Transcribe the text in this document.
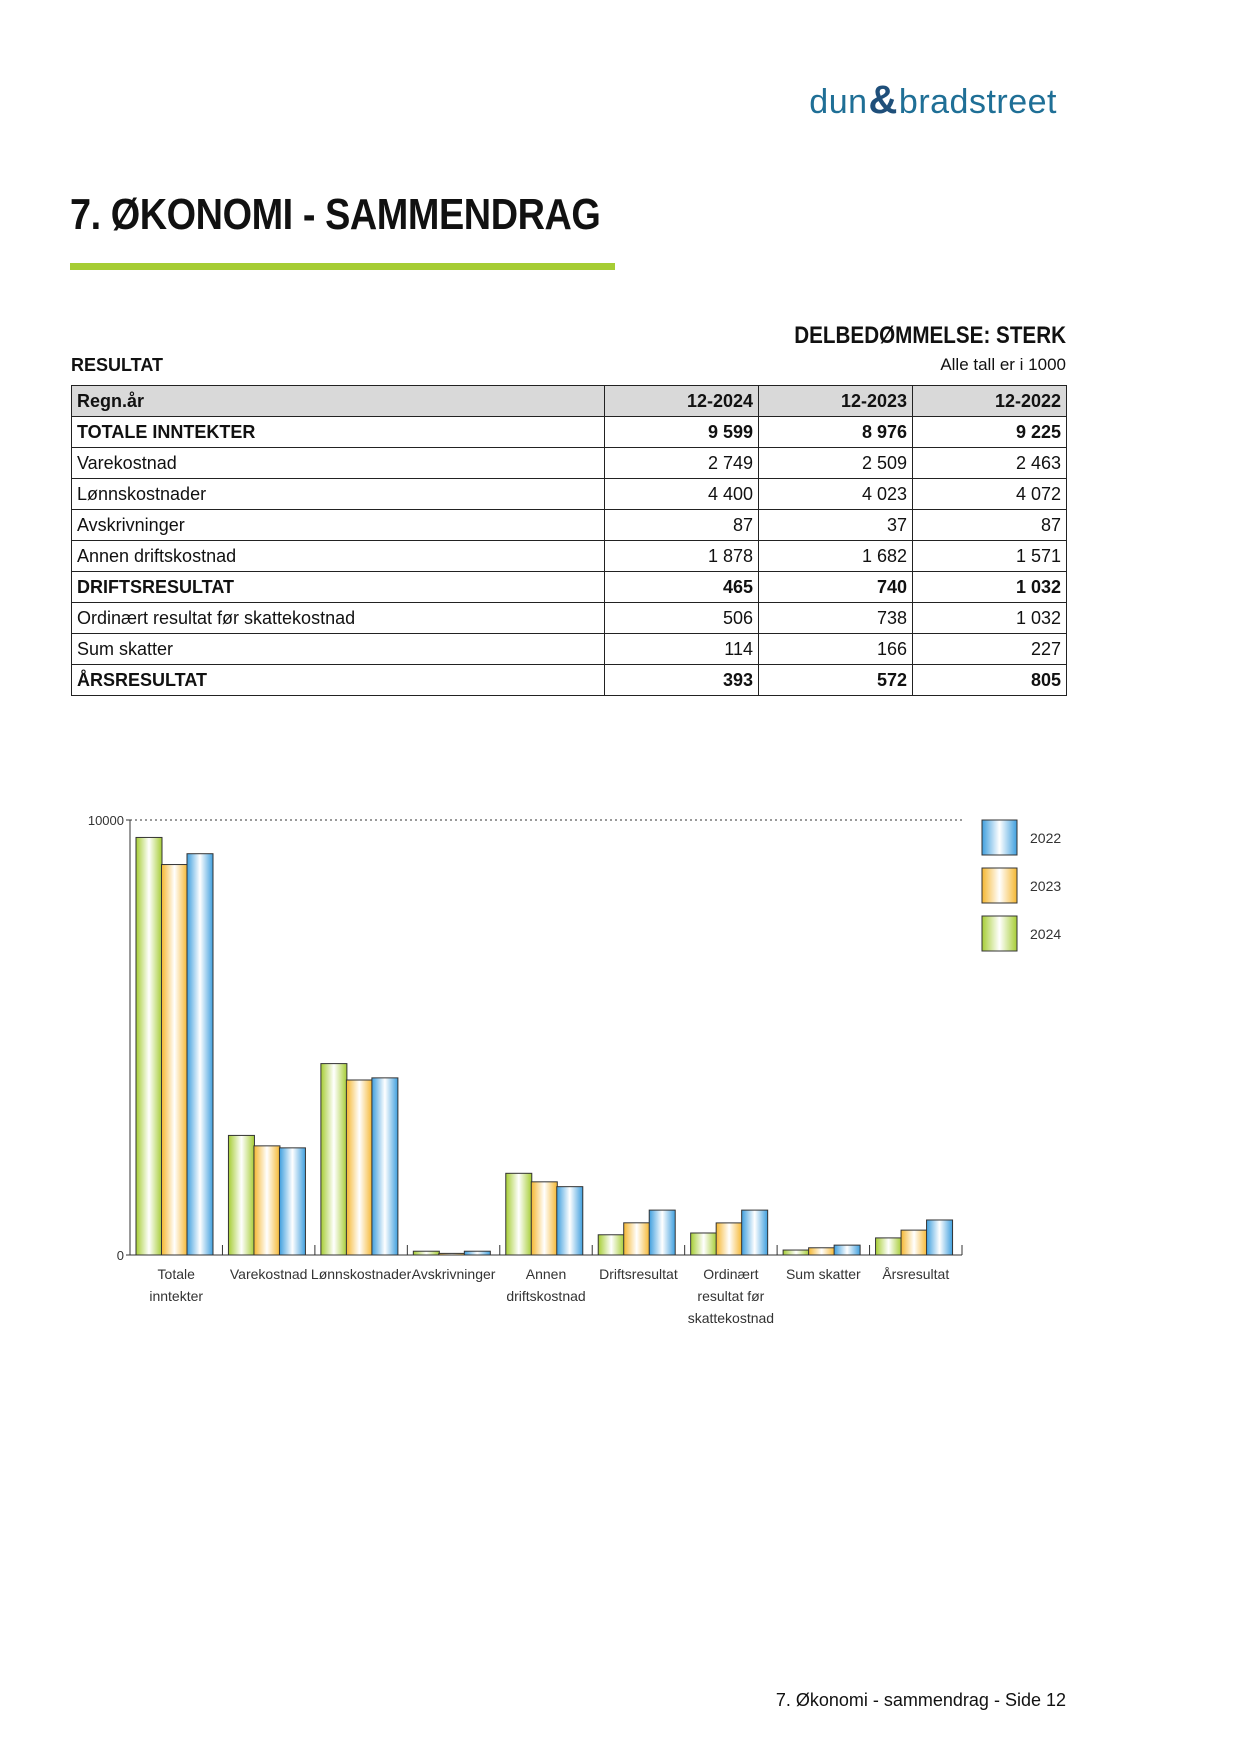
dun&bradstreet
7. ØKONOMI - SAMMENDRAG
DELBEDØMMELSE: STERK
RESULTAT	Alle tall er i 1000
Regn.år	12-2024	12-2023	12-2022
TOTALE INNTEKTER	9 599	8 976	9 225
Varekostnad	2 749	2 509	2 463
Lønnskostnader	4 400	4 023	4 072
Avskrivninger	87	37	87
Annen driftskostnad	1 878	1 682	1 571
DRIFTSRESULTAT	465	740	1 032
Ordinært resultat før skattekostnad	506	738	1 032
Sum skatter	114	166	227
ÅRSRESULTAT	393	572	805
0
10000
Totale
inntekter
Varekostnad Lønnskostnader Avskrivninger Annen
driftskostnad
Driftsresultat Ordinært
resultat før
skattekostnad
Sum skatter Årsresultat
2022
2023
2024
7. Økonomi - sammendrag - Side 12
